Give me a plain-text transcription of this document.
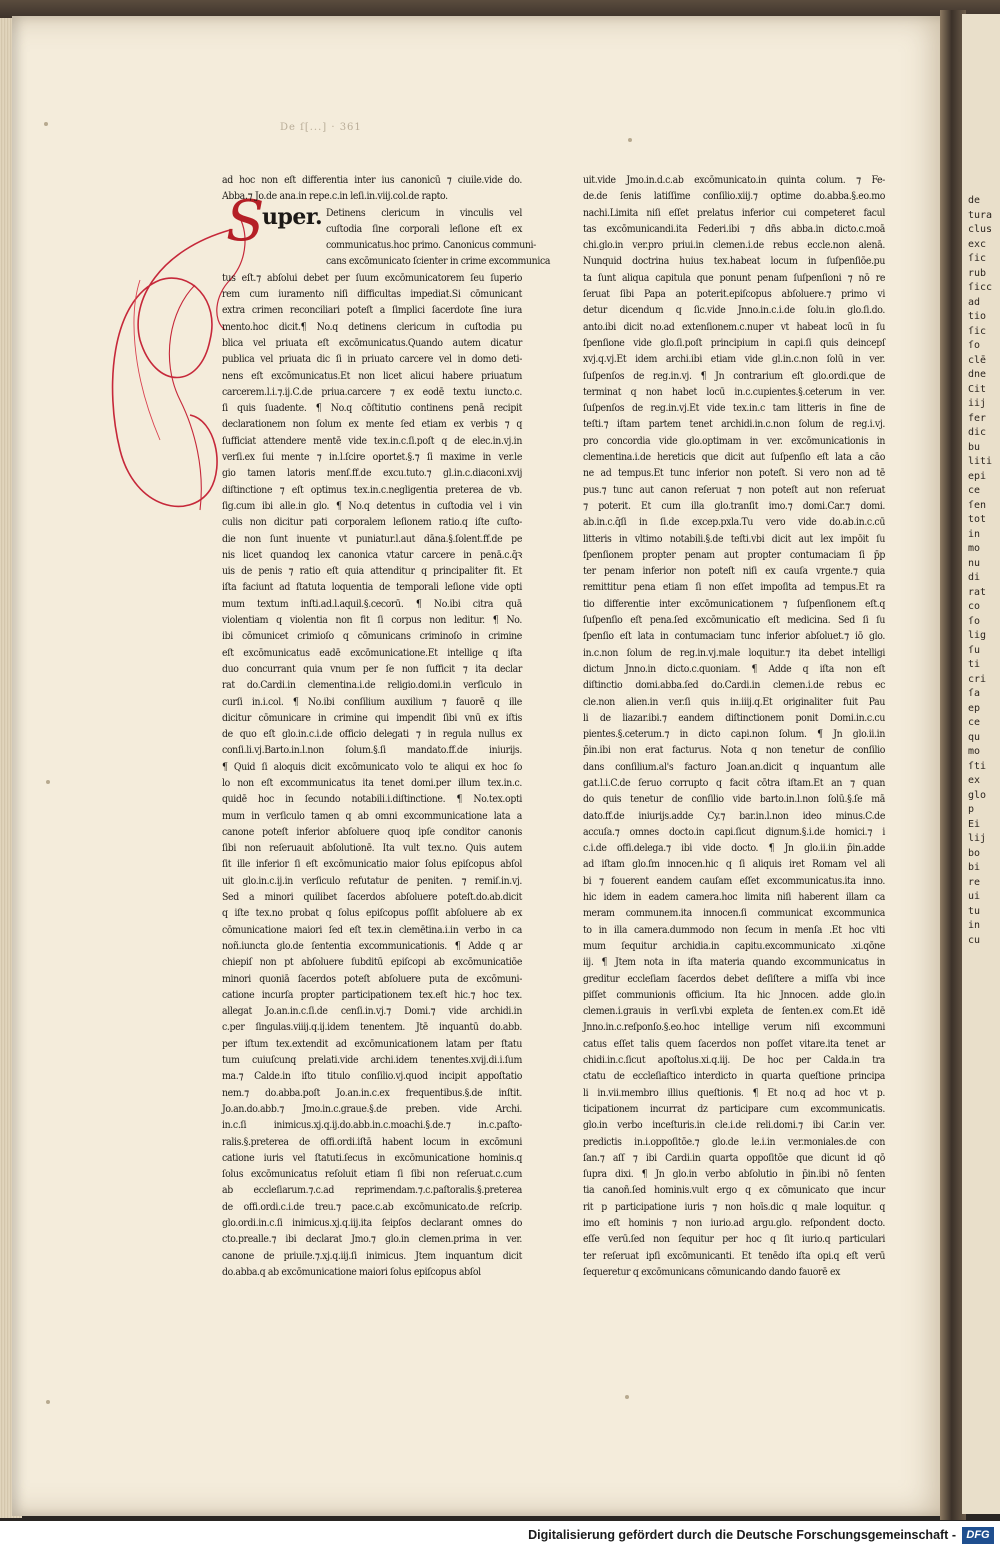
de
tura
clus
exc
ſic
rub
ſicc
ad
tio
ſic
ſo
clē
dne
Cit
iij
fer
dic
bu
liti
epi
ce
ſen
tot
in
mo
nu
di
rat
co
ſo
lig
ſu
ti
cri
ſa
ep
ce
qu
mo
ſti
ex
glo
p
Ei
lij
bo
bi
re
ui
tu
in
cu
De ſ[...] · 361
S
uper.
ad hoc non eſt differentia inter ius canonicū ⁊ ciuile.vide do.
Abba.⁊ Jo.de ana.in repe.c.in leſi.in.viij.col.de rapto.
Detinens clericum in vinculis vel
cuſtodia ſine corporali leſione eſt ex
communicatus.hoc primo. Canonicus communi-
cans excōmunicato ſcienter in crime excommunica
tus eſt.⁊ abſolui debet per ſuum excōmunicatorem ſeu ſuperio
rem cum iuramento niſi difficultas impediat.Si cōmunicant
extra crimen reconciliari poteſt a ſimplici ſacerdote ſine iura
mento.hoc dicit.¶ No.q detinens clericum in cuſtodia pu
blica vel priuata eſt excōmunicatus.Quando autem dicatur
publica vel priuata dic ſi in priuato carcere vel in domo deti-
nens eſt excōmunicatus.Et non licet alicui habere priuatum
carcerem.l.i.⁊.ij.C.de priua.carcere ⁊ ex eodē textu iuncto.c.
ſi quis ſuadente. ¶ No.q cōſtitutio continens penā recipit
declarationem non ſolum ex mente ſed etiam ex verbis ⁊ q
ſufficiat attendere mentē vide tex.in.c.ſi.poſt q de elec.in.vj.in
verſi.ex ſui mente ⁊ in.l.ſcire oportet.§.⁊ ſi maxime in ver.le
gio tamen latoris menſ.ff.de excu.tuto.⁊ gl.in.c.diaconi.xvij
diſtinctione ⁊ eſt optimus tex.in.c.negligentia preterea de vb.
ſig.cum ibi alle.in glo. ¶ No.q detentus in cuſtodia vel i vin
culis non dicitur pati corporalem leſionem ratio.q iſte cuſto-
die non ſunt inuente vt puniatur.l.aut dāna.§.ſolent.ff.de pe
nis licet quandoq lex canonica vtatur carcere in penā.c.q̄ꝛ
uis de penis ⁊ ratio eſt quia attenditur q principaliter fit. Et
iſta faciunt ad ſtatuta loquentia de temporali leſione vide opti
mum textum inſti.ad.l.aquil.§.cecorū. ¶ No.ibi citra quā
violentiam q violentia non fit ſi corpus non leditur. ¶ No.
ibi cōmunicet crimioſo q cōmunicans criminoſo in crimine
eſt excōmunicatus eadē excōmunicatione.Et intellige q iſta
duo concurrant quia vnum per ſe non ſufficit ⁊ ita declar
rat do.Cardi.in clementina.i.de religio.domi.in verſiculo in
curſi in.i.col. ¶ No.ibi conſilium auxilium ⁊ fauorē q ille
dicitur cōmunicare in crimine qui impendit ſibi vnū ex iſtis
de quo eſt glo.in.c.i.de officio delegati ⁊ in regula nullus ex
conſi.li.vj.Barto.in.l.non ſolum.§.ſi mandato.ff.de iniurijs.
¶ Quid ſi aloquis dicit excōmunicato volo te aliqui ex hoc ſo
lo non eſt excommunicatus ita tenet domi.per illum tex.in.c.
quidē hoc in ſecundo notabili.i.diſtinctione. ¶ No.tex.opti
mum in verſiculo tamen q ab omni excommunicatione lata a
canone poteſt inferior abſoluere quoq ipſe conditor canonis
ſibi non reſeruauit abſolutionē. Ita vult tex.no. Quis autem
ſit ille inferior ſi eſt excōmunicatio maior ſolus epiſcopus abſol
uit glo.in.c.ij.in verſiculo refutatur de peniten. ⁊ remiſ.in.vj.
Sed a minori quilibet ſacerdos abſoluere poteſt.do.ab.dicit
q iſte tex.no probat q ſolus epiſcopus poſſit abſoluere ab ex
cōmunicatione maiori ſed eſt tex.in clemētina.i.in verbo in ca
noñ.iuncta glo.de ſententia excommunicationis. ¶ Adde q ar
chiepiſ non pt abſoluere ſubditū epiſcopi ab excōmunicatiōe
minori quoniā ſacerdos poteſt abſoluere puta de excōmuni-
catione incurſa propter participationem tex.eſt hic.⁊ hoc tex.
allegat Jo.an.in.c.ſi.de cenſi.in.vj.⁊ Domi.⁊ vide archidi.in
c.per ſingulas.viiij.q.ij.idem tenentem. Jtē inquantū do.abb.
per iſtum tex.extendit ad excōmunicationem latam per ſtatu
tum cuiuſcunq prelati.vide archi.idem tenentes.xvij.di.i.ſum
ma.⁊ Calde.in iſto titulo conſilio.vj.quod incipit appoſtatio
nem.⁊ do.abba.poſt Jo.an.in.c.ex frequentibus.§.de inſtit.
Jo.an.do.abb.⁊ Jmo.in.c.graue.§.de preben. vide Archi.
in.c.ſi inimicus.xj.q.ij.do.abb.in.c.moachi.§.de.⁊ in.c.paſto-
ralis.§.preterea de offi.ordi.iſtā habent locum in excōmuni
catione iuris vel ſtatuti.ſecus in excōmunicatione hominis.q
ſolus excōmunicatus reſoluit etiam ſi ſibi non reſeruat.c.cum
ab eccleſiarum.⁊.c.ad reprimendam.⁊.c.paſtoralis.§.preterea
de offi.ordi.c.i.de treu.⁊ pace.c.ab excōmunicato.de reſcrip.
glo.ordi.in.c.ſi inimicus.xj.q.iij.ita ſeipſos declarant omnes do
cto.prealle.⁊ ibi declarat Jmo.⁊ glo.in clemen.prima in ver.
canone de priuile.⁊.xj.q.iij.ſi inimicus. Jtem inquantum dicit
do.abba.q ab excōmunicatione maiori ſolus epiſcopus abſol
uit.vide Jmo.in.d.c.ab excōmunicato.in quinta colum. ⁊ Fe-
de.de ſenis latiſſime conſilio.xiij.⁊ optime do.abba.§.eo.mo
nachi.Limita niſi eſſet prelatus inferior cui competeret facul
tas excōmunicandi.ita Federi.ibi ⁊ dñs abba.in dicto.c.moā
chi.glo.in ver.pro priui.in clemen.i.de rebus eccle.non alenā.
Nunquid doctrina huius tex.habeat locum in ſuſpenſiōe.pu
ta ſunt aliqua capitula que ponunt penam ſuſpenſioni ⁊ nō re
ſeruat ſibi Papa an poterit.epiſcopus abſoluere.⁊ primo vi
detur dicendum q ſic.vide Jnno.in.c.i.de ſolu.in glo.ſi.do.
anto.ibi dicit no.ad extenſionem.c.nuper vt habeat locū in ſu
ſpenſione vide glo.ſi.poſt principium in capi.ſi quis deincepſ
xvj.q.vj.Et idem archi.ibi etiam vide gl.in.c.non ſolū in ver.
ſuſpenſos de reg.in.vj. ¶ Jn contrarium eſt glo.ordi.que de
terminat q non habet locū in.c.cupientes.§.ceterum in ver.
ſuſpenſos de reg.in.vj.Et vide tex.in.c tam litteris in fine de
teſti.⁊ iſtam partem tenet archidi.in.c.non ſolum de reg.i.vj.
pro concordia vide glo.optimam in ver. excōmunicationis in
clementina.i.de hereticis que dicit aut ſuſpenſio eſt lata a cāo
ne ad tempus.Et tunc inferior non poteſt. Si vero non ad tē
pus.⁊ tunc aut canon reſeruat ⁊ non poteſt aut non reſeruat
⁊ poterit. Et cum illa glo.tranſit imo.⁊ domi.Car.⁊ domi.
ab.in.c.q̄ſi in ſi.de excep.pxla.Tu vero vide do.ab.in.c.cū
litteris in vltimo notabili.§.de teſti.vbi dicit aut lex impōit ſu
ſpenſionem propter penam aut propter contumaciam ſi p̄p
ter penam inferior non poteſt niſi ex cauſa vrgente.⁊ quia
remittitur pena etiam ſi non eſſet impoſita ad tempus.Et ra
tio differentie inter excōmunicationem ⁊ ſuſpenſionem eſt.q
ſuſpenſio eſt pena.ſed excōmunicatio eſt medicina. Sed ſi ſu
ſpenſio eſt lata in contumaciam tunc inferior abſoluet.⁊ iō glo.
in.c.non ſolum de reg.in.vj.male loquitur.⁊ ita debet intelligi
dictum Jnno.in dicto.c.quoniam. ¶ Adde q iſta non eſt
diſtinctio domi.abba.ſed do.Cardi.in clemen.i.de rebus ec
cle.non alien.in ver.ſi quis in.iiij.q.Et originaliter fuit Pau
li de liazar.ibi.⁊ eandem diſtinctionem ponit Domi.in.c.cu
pientes.§.ceterum.⁊ in dicto capi.non ſolum. ¶ Jn glo.ii.in
p̄in.ibi non erat facturus. Nota q non tenetur de conſilio
dans conſilium.al's facturo Joan.an.dicit q inquantum alle
gat.l.i.C.de ſeruo corrupto q facit cōtra iſtam.Et an ⁊ quan
do quis tenetur de conſilio vide barto.in.l.non ſolū.§.ſe mā
dato.ff.de iniurijs.adde Cy.⁊ bar.in.l.non ideo minus.C.de
accuſa.⁊ omnes docto.in capi.ſicut dignum.§.i.de homici.⁊ i
c.i.de offi.delega.⁊ ibi vide docto. ¶ Jn glo.ii.in p̄in.adde
ad iſtam glo.ſm innocen.hic q ſi aliquis iret Romam vel ali
bi ⁊ fouerent eandem cauſam eſſet excommunicatus.ita inno.
hic idem in eadem camera.hoc limita niſi haberent illam ca
meram communem.ita innocen.ſi communicat excommunica
to in illa camera.dummodo non ſecum in menſa .Et hoc vlti
mum ſequitur archidia.in capitu.excommunicato .xi.qōne
iij. ¶ Jtem nota in iſta materia quando excommunicatus in
greditur eccleſiam ſacerdos debet deſiſtere a miſſa vbi ince
piſſet communionis officium. Ita hic Jnnocen. adde glo.in
clemen.i.grauis in verſi.vbi expleta de ſenten.ex com.Et idē
Jnno.in.c.reſponſo.§.eo.hoc intellige verum niſi excommuni
catus eſſet talis quem ſacerdos non poſſet vitare.ita tenet ar
chidi.in.c.ſicut apoſtolus.xi.q.iij. De hoc per Calda.in tra
ctatu de eccleſiaſtico interdicto in quarta queſtione principa
li in.vii.membro illius queſtionis. ¶ Et no.q ad hoc vt p.
ticipationem incurrat dz participare cum excommunicatis.
glo.in verbo inceſturis.in cle.i.de reli.domi.⁊ ibi Car.in ver.
predictis in.i.oppoſitōe.⁊ glo.de le.i.in ver.moniales.de con
ſan.⁊ aſſ ⁊ ibi Cardi.in quarta oppoſitōe que dicunt id qō
ſupra dixi. ¶ Jn glo.in verbo abſolutio in p̄in.ibi nō ſenten
tia canoñ.ſed hominis.vult ergo q ex cōmunicato que incur
rit p participatione iuris ⁊ non hoīs.dic q male loquitur. q
imo eſt hominis ⁊ non iurio.ad argu.glo. reſpondent docto.
eſſe verū.ſed non ſequitur per hoc q ſit iurio.q particulari
ter reſeruat ipſi excōmunicanti. Et tenēdo iſta opi.q eſt verū
ſequeretur q excōmunicans cōmunicando dando fauorē ex
Digitalisierung gefördert durch die Deutsche Forschungsgemeinschaft - DFG
